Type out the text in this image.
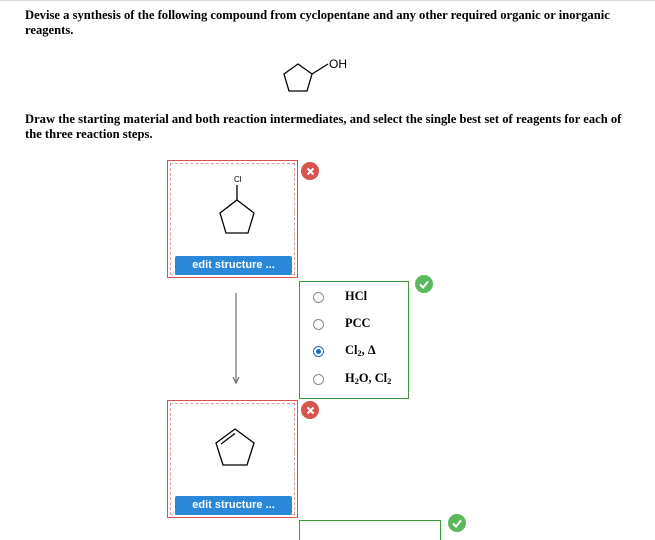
Devise a synthesis of the following compound from cyclopentane and any other required organic or inorganic reagents.

OH

Draw the starting material and both reaction intermediates, and select the single best set of reagents for each of the three reaction steps.

Cl
edit structure ...
HCl
PCC
$Cl_2$, Δ
$H_2O$, $Cl_2$
edit structure ...
